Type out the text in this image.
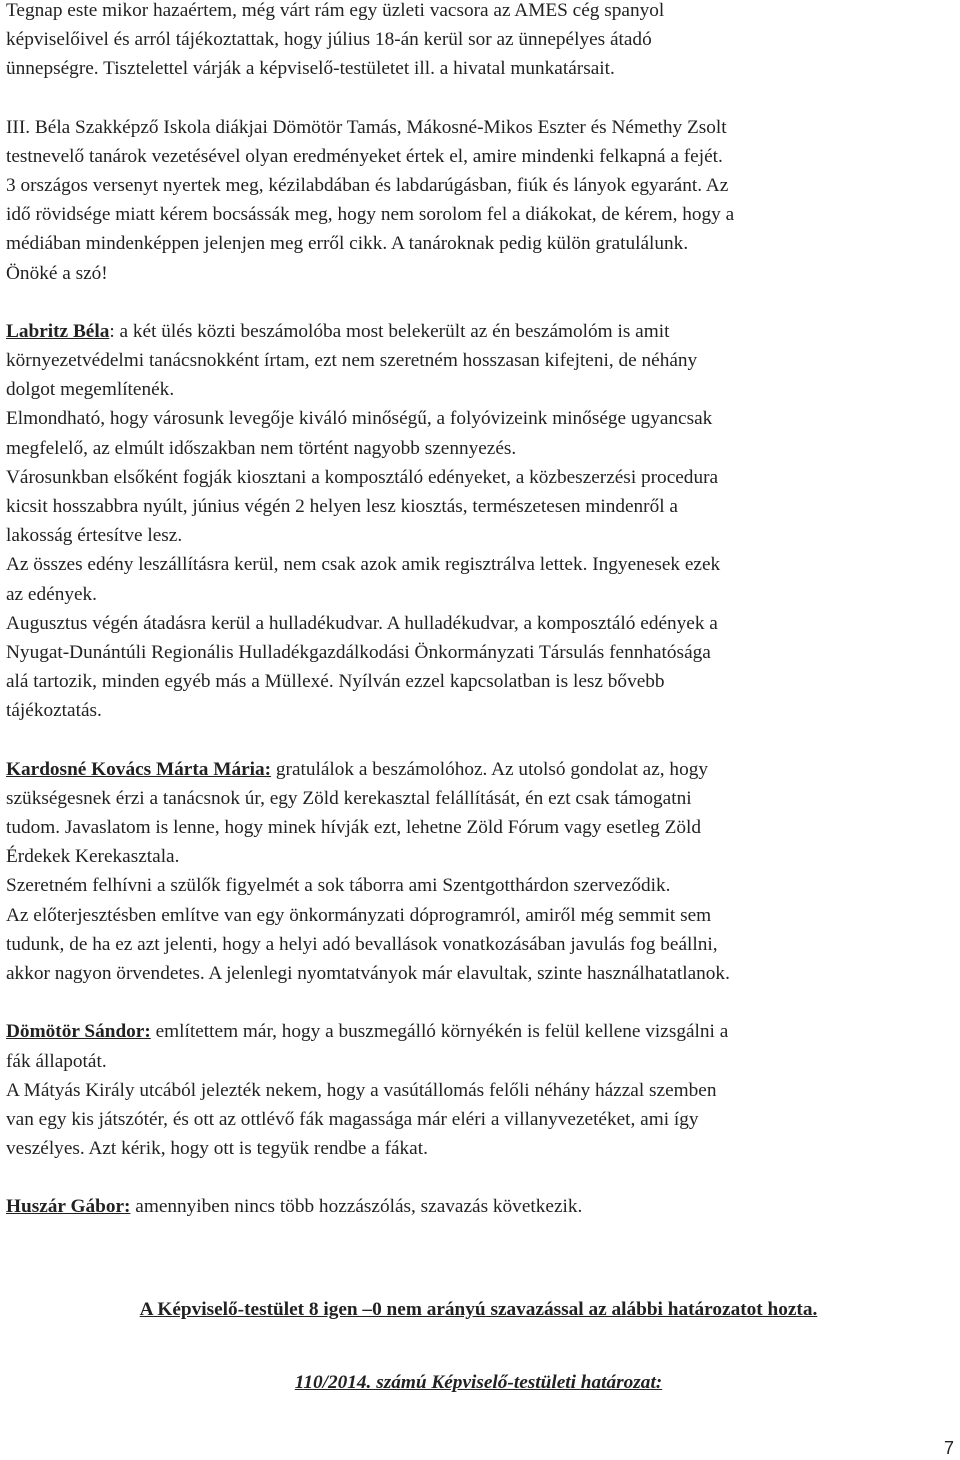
Tegnap este mikor hazaértem, még várt rám egy üzleti vacsora az AMES cég spanyol

képviselőivel és arról tájékoztattak, hogy július 18-án kerül sor az ünnepélyes átadó

ünnepségre. Tisztelettel várják a képviselő-testületet ill. a hivatal munkatársait.

III. Béla Szakképző Iskola diákjai Dömötör Tamás, Mákosné-Mikos Eszter és Némethy Zsolt

testnevelő tanárok vezetésével olyan eredményeket értek el, amire mindenki felkapná a fejét.

3 országos versenyt nyertek meg, kézilabdában és labdarúgásban, fiúk és lányok egyaránt. Az

idő rövidsége miatt kérem bocsássák meg, hogy nem sorolom fel a diákokat, de kérem, hogy a

médiában mindenképpen jelenjen meg erről cikk. A tanároknak pedig külön gratulálunk.

Önöké a szó!

Labritz Béla: a két ülés közti beszámolóba most belekerült az én beszámolóm is amit

környezetvédelmi tanácsnokként írtam, ezt nem szeretném hosszasan kifejteni, de néhány

dolgot megemlítenék.

Elmondható, hogy városunk levegője kiváló minőségű, a folyóvizeink minősége ugyancsak

megfelelő, az elmúlt időszakban nem történt nagyobb szennyezés.

Városunkban elsőként fogják kiosztani a komposztáló edényeket, a közbeszerzési procedura

kicsit hosszabbra nyúlt, június végén 2 helyen lesz kiosztás, természetesen mindenről a

lakosság értesítve lesz.

Az összes edény leszállításra kerül, nem csak azok amik regisztrálva lettek. Ingyenesek ezek

az edények.

Augusztus végén átadásra kerül a hulladékudvar. A hulladékudvar, a komposztáló edények a

Nyugat-Dunántúli Regionális Hulladékgazdálkodási Önkormányzati Társulás fennhatósága

alá tartozik, minden egyéb más a Müllexé. Nyílván ezzel kapcsolatban is lesz bővebb

tájékoztatás.

Kardosné Kovács Márta Mária: gratulálok a beszámolóhoz. Az utolsó gondolat az, hogy

szükségesnek érzi a tanácsnok úr, egy Zöld kerekasztal felállítását, én ezt csak támogatni

tudom. Javaslatom is lenne, hogy minek hívják ezt, lehetne Zöld Fórum vagy esetleg Zöld

Érdekek Kerekasztala.

Szeretném felhívni a szülők figyelmét a sok táborra ami Szentgotthárdon szerveződik.

Az előterjesztésben említve van egy önkormányzati dóprogramról, amiről még semmit sem

tudunk, de ha ez azt jelenti, hogy a helyi adó bevallások vonatkozásában javulás fog beállni,

akkor nagyon örvendetes. A jelenlegi nyomtatványok már elavultak, szinte használhatatlanok.

Dömötör Sándor: említettem már, hogy a buszmegálló környékén is felül kellene vizsgálni a

fák állapotát.

A Mátyás Király utcából jelezték nekem, hogy a vasútállomás felőli néhány házzal szemben

van egy kis játszótér, és ott az ottlévő fák magassága már eléri a villanyvezetéket, ami így

veszélyes. Azt kérik, hogy ott is tegyük rendbe a fákat.

Huszár Gábor: amennyiben nincs több hozzászólás, szavazás következik.

A Képviselő-testület 8 igen –0 nem arányú szavazással az alábbi határozatot hozta.

110/2014. számú Képviselő-testületi határozat:

7
